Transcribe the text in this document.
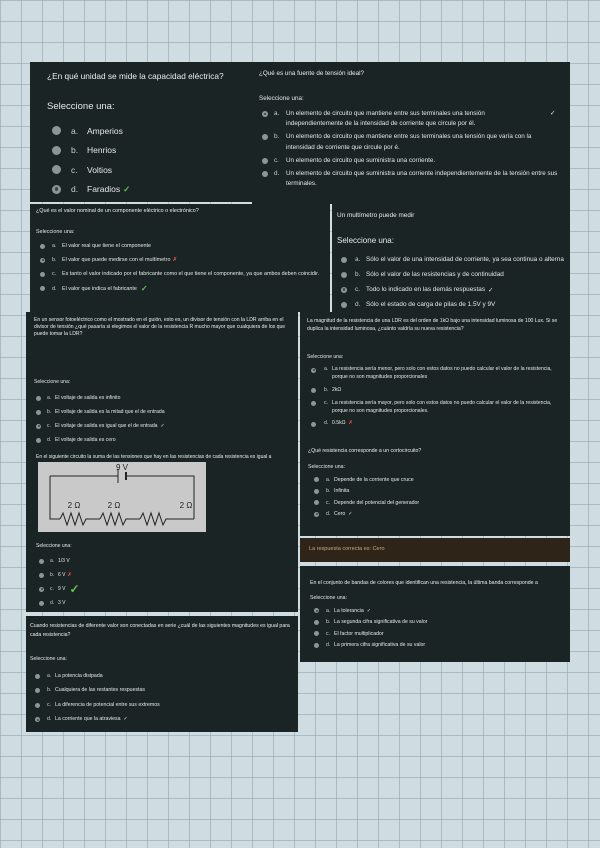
¿En qué unidad se mide la capacidad eléctrica?

Seleccione una:
a.	Amperios
b.	Henrios
c.	Voltios
d.	Faradios ✓

¿Qué es una fuente de tensión ideal?

Seleccione una:
a.	Un elemento de circuito que mantiene entre sus terminales una tensión independientemente de la intensidad de corriente que circule por él.
✓
b.	Un elemento de circuito que mantiene entre sus terminales una tensión que varía con la intensidad de corriente que circule por é.
c.	Un elemento de circuito que suministra una corriente.
d.	Un elemento de circuito que suministra una corriente independientemente de la tensión entre sus terminales.

¿Qué es el valor nominal de un componente eléctrico o electrónico?

Seleccione una:
a.	El valor real que tiene el componente
b.	El valor que puede medirse con el multímetro ✗
c.	Es tanto el valor indicado por el fabricante como el que tiene el componente, ya que ambos deben coincidir.
d.	El valor que indica el fabricante ✓

Un multímetro puede medir

Seleccione una:
a. Sólo el valor de una intensidad de corriente, ya sea continua o alterna
b. Sólo el valor de las resistencias y de continuidad
c. Todo lo indicado en las demás respuestas ✓
d. Sólo el estado de carga de pilas de 1.5V y 9V

En un sensor fotoeléctrico como el mostrado en el guión, esto es, un divisor de tensión con la LDR arriba en el divisor de tensión ¿qué pasaría si elegimos el valor de la resistencia R mucho mayor que cualquiera de los que puede tomar la LDR?

Seleccione una:
a. El voltaje de salida es infinito
b. El voltaje de salida es la mitad que el de entrada
c. El voltaje de salida es igual que el de entrada ✓
d. El voltaje de salida es cero

La magnitud de la resistencia de una LDR es del orden de 1kΩ bajo una intensidad luminosa de 100 Lux. Si se duplica la intensidad luminosa, ¿cuánto valdría su nueva resistencia?

Seleccione una:
a. La resistencia sería menor, pero solo con estos datos no puedo calcular el valor de la resistencia, porque no son magnitudes proporcionales
b. 2kΩ
c. La resistencia sería mayor, pero solo con estos datos no puedo calcular el valor de la resistencia, porque no son magnitudes proporcionales.
d. 0.5kΩ ✗

En el siguiente circuito la suma de las tensiones que hay en las resistencias de cada resistencia es igual a

9 V
2 Ω	2 Ω	2 Ω
Seleccione una:
a. 1/3 V
b. 6 V ✗
c. 9 V ✓
d. 3 V

¿Qué resistencia corresponde a un cortocircuito?

Seleccione una:
a. Depende de la corriente que cruce
b. Infinita
c. Depende del potencial del generador
d. Cero ✓
La respuesta correcta es: Cero

En el conjunto de bandas de colores que identifican una resistencia, la última banda corresponde a

Seleccione una:
a. La tolerancia ✓
b. La segunda cifra significativa de su valor
c. El factor multiplicador
d. La primera cifra significativa de su valor

Cuando resistencias de diferente valor son conectadas en serie ¿cuál de las siguientes magnitudes es igual para cada resistencia?

Seleccione una:
a. La potencia disipada
b. Cualquiera de las restantes respuestas
c. La diferencia de potencial entre sus extremos
d. La corriente que la atraviesa ✓
